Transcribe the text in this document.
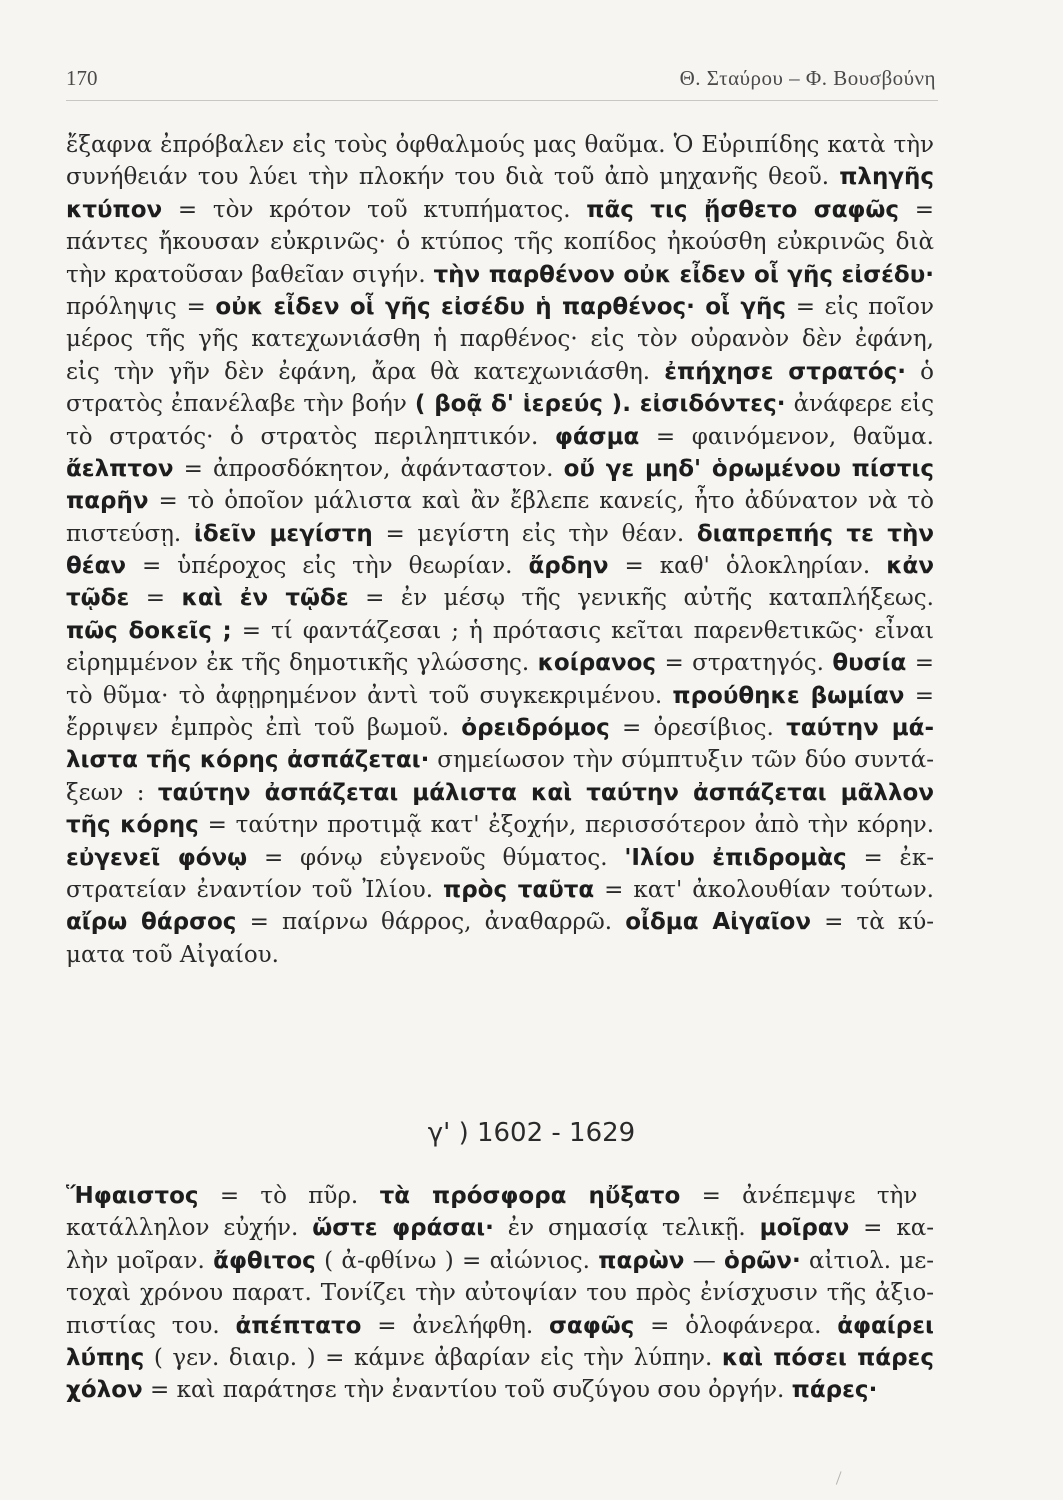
170	Θ. Σταύρου – Φ. Βουσβούνη
ἔξαφνα ἐπρόβαλεν εἰς τοὺς ὀφθαλμούς μας θαῦμα. Ὁ Εὐριπίδης κατὰ τὴν
συνήθειάν του λύει τὴν πλοκήν του διὰ τοῦ ἀπὸ μηχανῆς θεοῦ. πληγῆς
κτύπον = τὸν κρότον τοῦ κτυπήματος. πᾶς τις ᾔσθετο σαφῶς =
πάντες ἤκουσαν εὐκρινῶς· ὁ κτύπος τῆς κοπίδος ἠκούσθη εὐκρινῶς διὰ
τὴν κρατοῦσαν βαθεῖαν σιγήν. τὴν παρθένον οὐκ εἶδεν οἷ γῆς εἰσέδυ·
πρόληψις = οὐκ εἶδεν οἷ γῆς εἰσέδυ ἡ παρθένος· οἷ γῆς = εἰς ποῖον
μέρος τῆς γῆς κατεχωνιάσθη ἡ παρθένος· εἰς τὸν οὐρανὸν δὲν ἐφάνη,
εἰς τὴν γῆν δὲν ἐφάνη, ἄρα θὰ κατεχωνιάσθη. ἐπήχησε στρατός· ὁ
στρατὸς ἐπανέλαβε τὴν βοήν ( βοᾷ δ' ἱερεύς ). εἰσιδόντες· ἀνάφερε εἰς
τὸ στρατός· ὁ στρατὸς περιληπτικόν. φάσμα = φαινόμενον, θαῦμα.
ἄελπτον = ἀπροσδόκητον, ἀφάνταστον. οὔ γε μηδ' ὁρωμένου πίστις
παρῆν = τὸ ὁποῖον μάλιστα καὶ ἂν ἔβλεπε κανείς, ἦτο ἀδύνατον νὰ τὸ
πιστεύσῃ. ἰδεῖν μεγίστη = μεγίστη εἰς τὴν θέαν. διαπρεπής τε τὴν
θέαν = ὑπέροχος εἰς τὴν θεωρίαν. ἄρδην = καθ' ὁλοκληρίαν. κἀν
τῷδε = καὶ ἐν τῷδε = ἐν μέσῳ τῆς γενικῆς αὐτῆς καταπλήξεως.
πῶς δοκεῖς ; = τί φαντάζεσαι ; ἡ πρότασις κεῖται παρενθετικῶς· εἶναι
εἰρημμένον ἐκ τῆς δημοτικῆς γλώσσης. κοίρανος = στρατηγός. θυσία =
τὸ θῦμα· τὸ ἀφῃρημένον ἀντὶ τοῦ συγκεκριμένου. προύθηκε βωμίαν =
ἔρριψεν ἐμπρὸς ἐπὶ τοῦ βωμοῦ. ὀρειδρόμος = ὀρεσίβιος. ταύτην μά-
λιστα τῆς κόρης ἀσπάζεται· σημείωσον τὴν σύμπτυξιν τῶν δύο συντά-
ξεων : ταύτην ἀσπάζεται μάλιστα καὶ ταύτην ἀσπάζεται μᾶλλον
τῆς κόρης = ταύτην προτιμᾷ κατ' ἐξοχήν, περισσότερον ἀπὸ τὴν κόρην.
εὐγενεῖ φόνῳ = φόνῳ εὐγενοῦς θύματος. 'Ιλίου ἐπιδρομὰς = ἐκ-
στρατείαν ἐναντίον τοῦ Ἰλίου. πρὸς ταῦτα = κατ' ἀκολουθίαν τούτων.
αἴρω θάρσος = παίρνω θάρρος, ἀναθαρρῶ. οἶδμα Αἰγαῖον = τὰ κύ-
ματα τοῦ Αἰγαίου.
γ' ) 1602 - 1629
Ἥφαιστος = τὸ πῦρ. τὰ πρόσφορα ηὔξατο = ἀνέπεμψε τὴν
κατάλληλον εὐχήν. ὥστε φράσαι· ἐν σημασίᾳ τελικῇ. μοῖραν = κα-
λὴν μοῖραν. ἄφθιτος ( ἀ-φθίνω ) = αἰώνιος. παρὼν — ὁρῶν· αἰτιολ. με-
τοχαὶ χρόνου παρατ. Τονίζει τὴν αὐτοψίαν του πρὸς ἐνίσχυσιν τῆς ἀξιο-
πιστίας του. ἀπέπτατο = ἀνελήφθη. σαφῶς = ὁλοφάνερα. ἀφαίρει
λύπης ( γεν. διαιρ. ) = κάμνε ἀβαρίαν εἰς τὴν λύπην. καὶ πόσει πάρες
χόλον = καὶ παράτησε τὴν ἐναντίου τοῦ συζύγου σου ὀργήν. πάρες·
